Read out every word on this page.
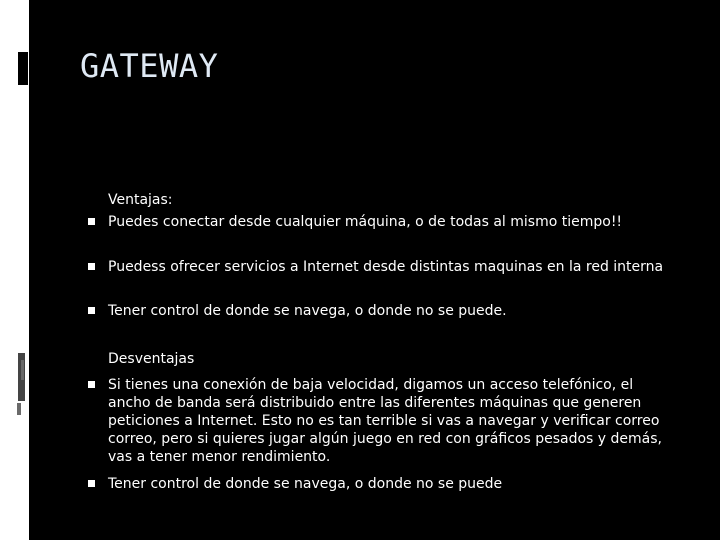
GATEWAY
Ventajas:
Puedes conectar desde cualquier máquina, o de todas al mismo tiempo!!
Puedess ofrecer servicios a Internet desde distintas maquinas en la red interna
Tener control de donde se navega, o donde no se puede.
Desventajas
Si tienes una conexión de baja velocidad, digamos un acceso telefónico, el ancho de banda será distribuido entre las diferentes máquinas que generen peticiones a Internet. Esto no es tan terrible si vas a navegar y verificar correo correo, pero si quieres jugar algún juego en red con gráficos pesados y demás, vas a tener menor rendimiento.
Tener control de donde se navega, o donde no se puede
